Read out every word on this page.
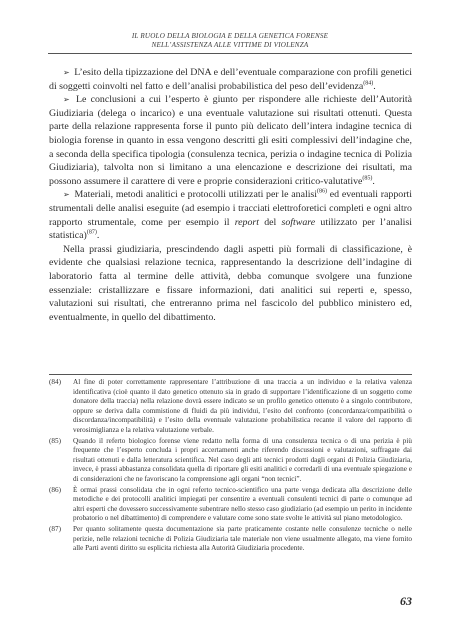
IL RUOLO DELLA BIOLOGIA E DELLA GENETICA FORENSE
NELL’ASSISTENZA ALLE VITTIME DI VIOLENZA

➢ L’esito della tipizzazione del DNA e dell’eventuale comparazione con profili genetici di soggetti coinvolti nel fatto e dell’analisi probabilistica del peso dell’evidenza$^{(84)}$.

➢ Le conclusioni a cui l’esperto è giunto per rispondere alle richieste dell’Autorità Giudiziaria (delega o incarico) e una eventuale valutazione sui risultati ottenuti. Questa parte della relazione rappresenta forse il punto più delicato dell’intera indagine tecnica di biologia forense in quanto in essa vengono descritti gli esiti complessivi dell’indagine che, a seconda della specifica tipologia (consulenza tecnica, perizia o indagine tecnica di Polizia Giudiziaria), talvolta non si limitano a una elencazione e descrizione dei risultati, ma possono assumere il carattere di vere e proprie considerazioni critico-valutative$^{(85)}$.

➢ Materiali, metodi analitici e protocolli utilizzati per le analisi$^{(86)}$ ed eventuali rapporti strumentali delle analisi eseguite (ad esempio i tracciati elettroforetici completi e ogni altro rapporto strumentale, come per esempio il report del software utilizzato per l’analisi statistica)$^{(87)}$.

Nella prassi giudiziaria, prescindendo dagli aspetti più formali di classificazione, è evidente che qualsiasi relazione tecnica, rappresentando la descrizione dell’indagine di laboratorio fatta al termine delle attività, debba comunque svolgere una funzione essenziale: cristallizzare e fissare informazioni, dati analitici sui reperti e, spesso, valutazioni sui risultati, che entreranno prima nel fascicolo del pubblico ministero ed, eventualmente, in quello del dibattimento.

(84)	Al fine di poter correttamente rappresentare l’attribuzione di una traccia a un individuo e la relativa valenza identificativa (cioè quanto il dato genetico ottenuto sia in grado di supportare l’identificazione di un soggetto come donatore della traccia) nella relazione dovrà essere indicato se un profilo genetico ottenuto è a singolo contributore, oppure se deriva dalla commistione di fluidi da più individui, l’esito del confronto (concordanza/compatibilità o discordanza/incompatibilità) e l’esito della eventuale valutazione probabilistica recante il valore del rapporto di verosimiglianza e la relativa valutazione verbale.
(85)	Quando il referto biologico forense viene redatto nella forma di una consulenza tecnica o di una perizia è più frequente che l’esperto concluda i propri accertamenti anche riferendo discussioni e valutazioni, suffragate dai risultati ottenuti e dalla letteratura scientifica. Nel caso degli atti tecnici prodotti dagli organi di Polizia Giudiziaria, invece, è prassi abbastanza consolidata quella di riportare gli esiti analitici e corredarli di una eventuale spiegazione e di considerazioni che ne favoriscano la comprensione agli organi “non tecnici”.
(86)	È ormai prassi consolidata che in ogni referto tecnico-scientifico una parte venga dedicata alla descrizione delle metodiche e dei protocolli analitici impiegati per consentire a eventuali consulenti tecnici di parte o comunque ad altri esperti che dovessero successivamente subentrare nello stesso caso giudiziario (ad esempio un perito in incidente probatorio o nel dibattimento) di comprendere e valutare come sono state svolte le attività sul piano metodologico.
(87)	Per quanto solitamente questa documentazione sia parte praticamente costante nelle consulenze tecniche o nelle perizie, nelle relazioni tecniche di Polizia Giudiziaria tale materiale non viene usualmente allegato, ma viene fornito alle Parti aventi diritto su esplicita richiesta alla Autorità Giudiziaria procedente.
63
